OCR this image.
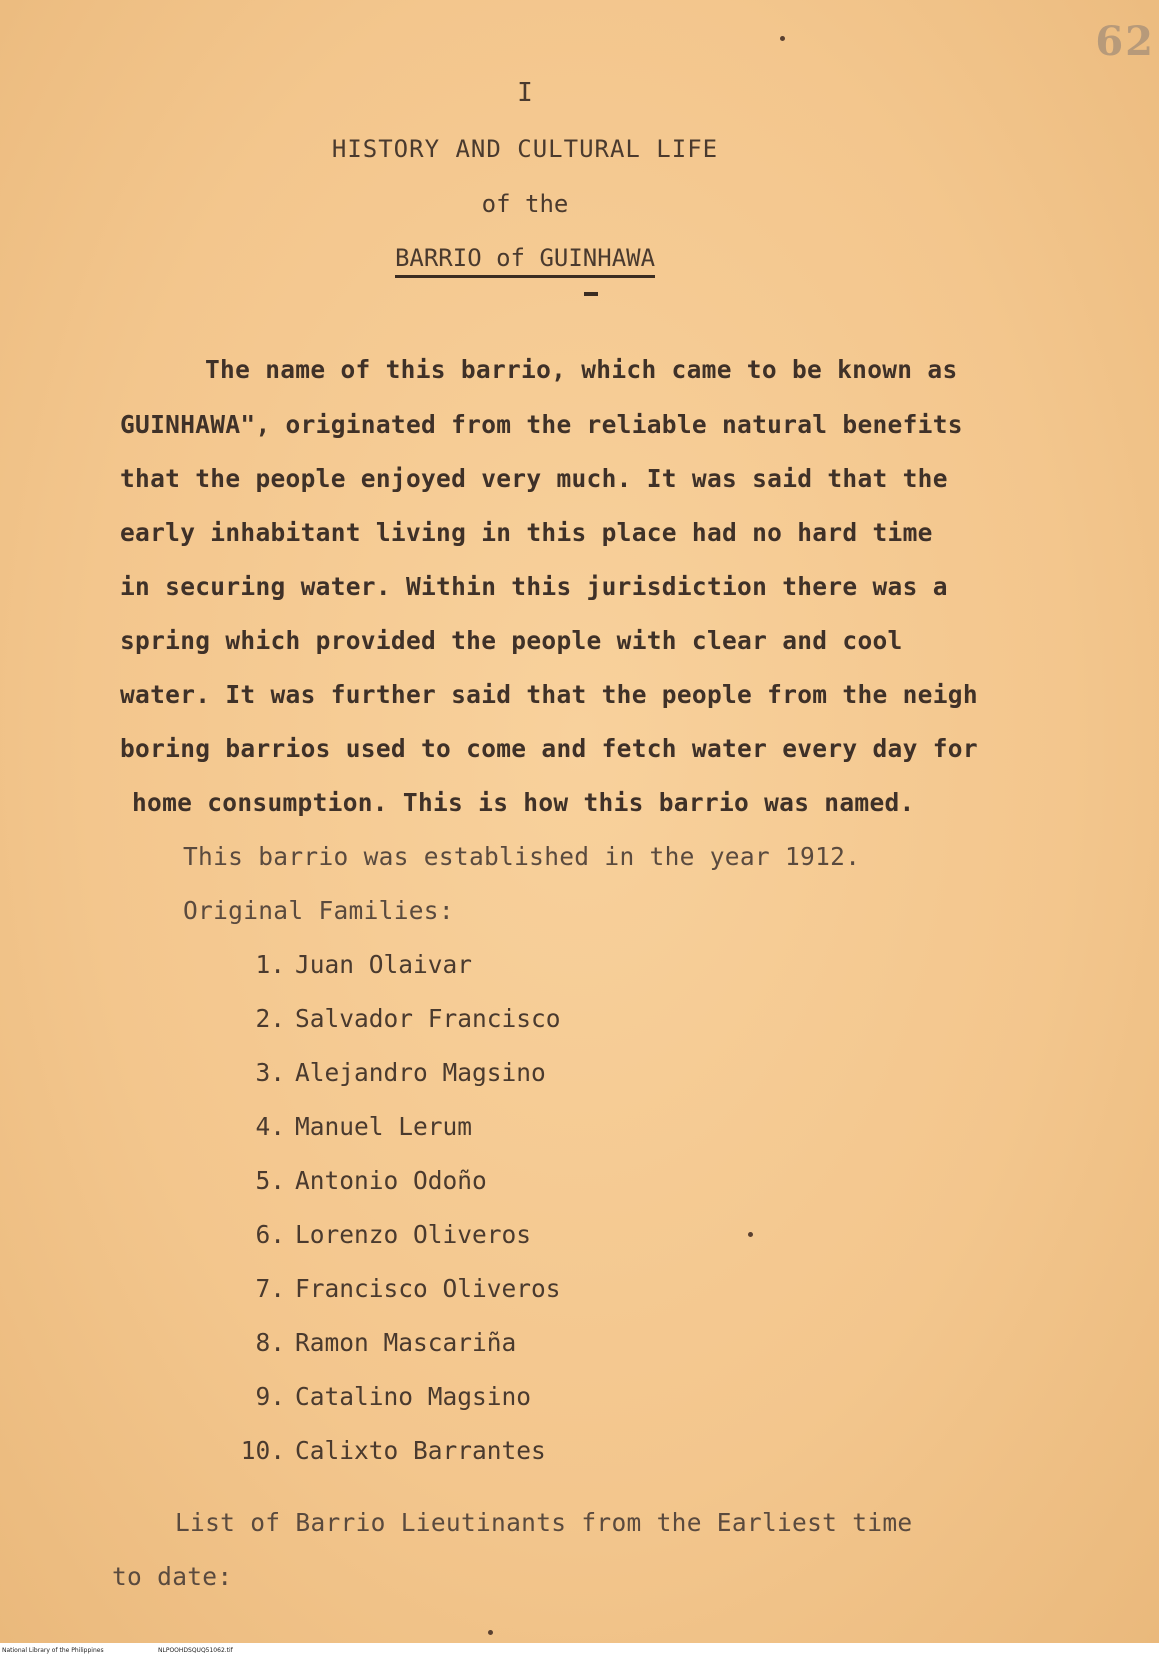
62
I
HISTORY AND CULTURAL LIFE
of the
BARRIO of GUINHAWA
The name of this barrio, which came to be known as
GUINHAWA", originated from the reliable natural benefits
that the people enjoyed very much. It was said that the
early inhabitant living in this place had no hard time
in securing water. Within this jurisdiction there was a
spring which provided the people with clear and cool
water. It was further said that the people from the neigh
boring barrios used to come and fetch water every day for
home consumption. This is how this barrio was named.
This barrio was established in the year 1912.
Original Families:
1. Juan Olaivar
2. Salvador Francisco
3. Alejandro Magsino
4. Manuel Lerum
5. Antonio Odoño
6. Lorenzo Oliveros
7. Francisco Oliveros
8. Ramon Mascariña
9. Catalino Magsino
10. Calixto Barrantes
List of Barrio Lieutinants from the Earliest time
to date:
National Library of the Philippines	NLPOOHDSQUQ51062.tif
